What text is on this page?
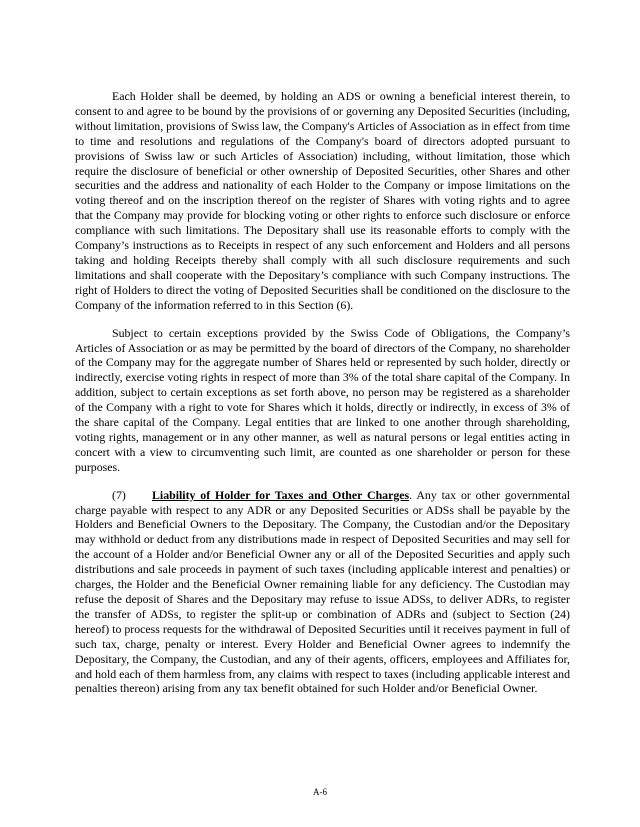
Each Holder shall be deemed, by holding an ADS or owning a beneficial interest therein, to consent to and agree to be bound by the provisions of or governing any Deposited Securities (including, without limitation, provisions of Swiss law, the Company's Articles of Association as in effect from time to time and resolutions and regulations of the Company's board of directors adopted pursuant to provisions of Swiss law or such Articles of Association) including, without limitation, those which require the disclosure of beneficial or other ownership of Deposited Securities, other Shares and other securities and the address and nationality of each Holder to the Company or impose limitations on the voting thereof and on the inscription thereof on the register of Shares with voting rights and to agree that the Company may provide for blocking voting or other rights to enforce such disclosure or enforce compliance with such limitations. The Depositary shall use its reasonable efforts to comply with the Company’s instructions as to Receipts in respect of any such enforcement and Holders and all persons taking and holding Receipts thereby shall comply with all such disclosure requirements and such limitations and shall cooperate with the Depositary’s compliance with such Company instructions. The right of Holders to direct the voting of Deposited Securities shall be conditioned on the disclosure to the Company of the information referred to in this Section (6).

Subject to certain exceptions provided by the Swiss Code of Obligations, the Company’s Articles of Association or as may be permitted by the board of directors of the Company, no shareholder of the Company may for the aggregate number of Shares held or represented by such holder, directly or indirectly, exercise voting rights in respect of more than 3% of the total share capital of the Company. In addition, subject to certain exceptions as set forth above, no person may be registered as a shareholder of the Company with a right to vote for Shares which it holds, directly or indirectly, in excess of 3% of the share capital of the Company. Legal entities that are linked to one another through shareholding, voting rights, management or in any other manner, as well as natural persons or legal entities acting in concert with a view to circumventing such limit, are counted as one shareholder or person for these purposes.

(7) Liability of Holder for Taxes and Other Charges. Any tax or other governmental charge payable with respect to any ADR or any Deposited Securities or ADSs shall be payable by the Holders and Beneficial Owners to the Depositary. The Company, the Custodian and/or the Depositary may withhold or deduct from any distributions made in respect of Deposited Securities and may sell for the account of a Holder and/or Beneficial Owner any or all of the Deposited Securities and apply such distributions and sale proceeds in payment of such taxes (including applicable interest and penalties) or charges, the Holder and the Beneficial Owner remaining liable for any deficiency. The Custodian may refuse the deposit of Shares and the Depositary may refuse to issue ADSs, to deliver ADRs, to register the transfer of ADSs, to register the split-up or combination of ADRs and (subject to Section (24) hereof) to process requests for the withdrawal of Deposited Securities until it receives payment in full of such tax, charge, penalty or interest. Every Holder and Beneficial Owner agrees to indemnify the Depositary, the Company, the Custodian, and any of their agents, officers, employees and Affiliates for, and hold each of them harmless from, any claims with respect to taxes (including applicable interest and penalties thereon) arising from any tax benefit obtained for such Holder and/or Beneficial Owner.

A-6
